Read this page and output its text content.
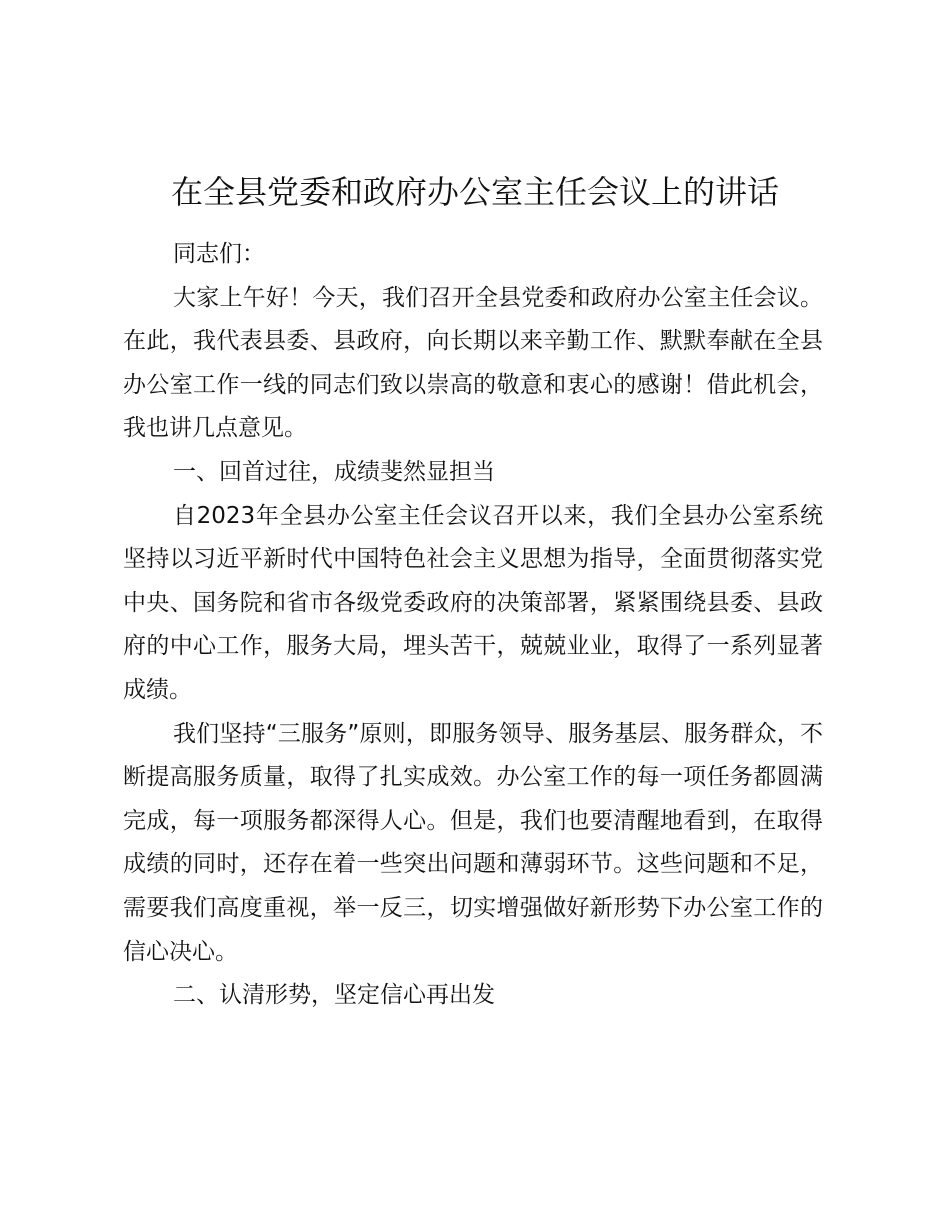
在全县党委和政府办公室主任会议上的讲话

同志们：

大家上午好！今天，我们召开全县党委和政府办公室主任会议。在此，我代表县委、县政府，向长期以来辛勤工作、默默奉献在全县办公室工作一线的同志们致以崇高的敬意和衷心的感谢！借此机会，我也讲几点意见。

一、回首过往，成绩斐然显担当

自2023年全县办公室主任会议召开以来，我们全县办公室系统坚持以习近平新时代中国特色社会主义思想为指导，全面贯彻落实党中央、国务院和省市各级党委政府的决策部署，紧紧围绕县委、县政府的中心工作，服务大局，埋头苦干，兢兢业业，取得了一系列显著成绩。

我们坚持“三服务”原则，即服务领导、服务基层、服务群众，不断提高服务质量，取得了扎实成效。办公室工作的每一项任务都圆满完成，每一项服务都深得人心。但是，我们也要清醒地看到，在取得成绩的同时，还存在着一些突出问题和薄弱环节。这些问题和不足，需要我们高度重视，举一反三，切实增强做好新形势下办公室工作的信心决心。

二、认清形势，坚定信心再出发
